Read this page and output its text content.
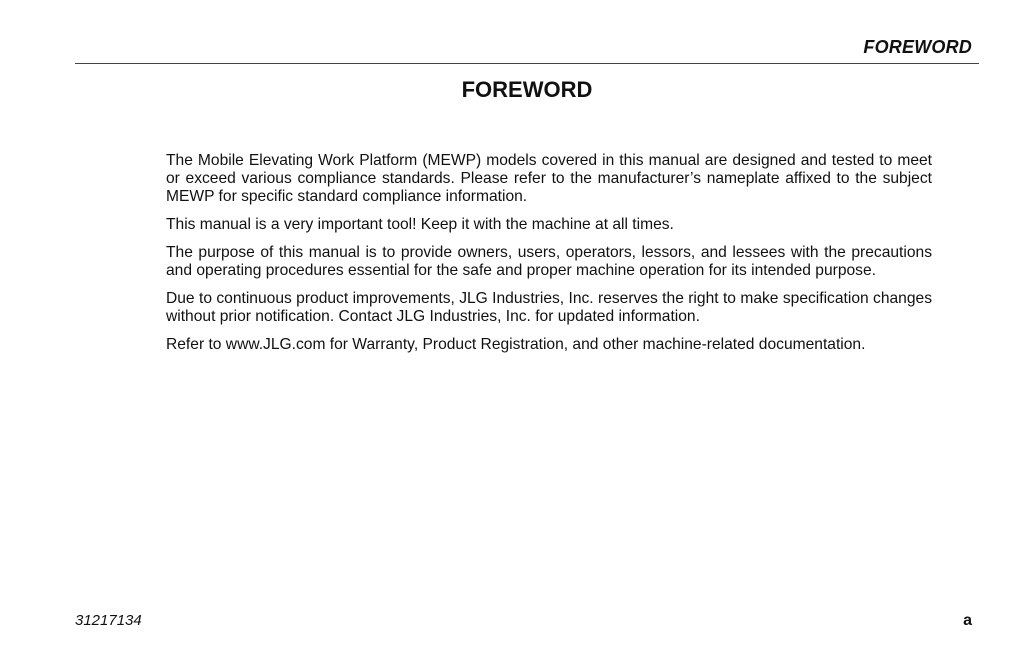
FOREWORD
FOREWORD

The Mobile Elevating Work Platform (MEWP) models covered in this manual are designed and tested to meet or exceed various compliance standards. Please refer to the manufacturer’s nameplate affixed to the subject MEWP for specific standard compliance information.

This manual is a very important tool! Keep it with the machine at all times.

The purpose of this manual is to provide owners, users, operators, lessors, and lessees with the precautions and operating procedures essential for the safe and proper machine operation for its intended purpose.

Due to continuous product improvements, JLG Industries, Inc. reserves the right to make specification changes without prior notification. Contact JLG Industries, Inc. for updated information.

Refer to www.JLG.com for Warranty, Product Registration, and other machine-related documentation.

31217134	a
